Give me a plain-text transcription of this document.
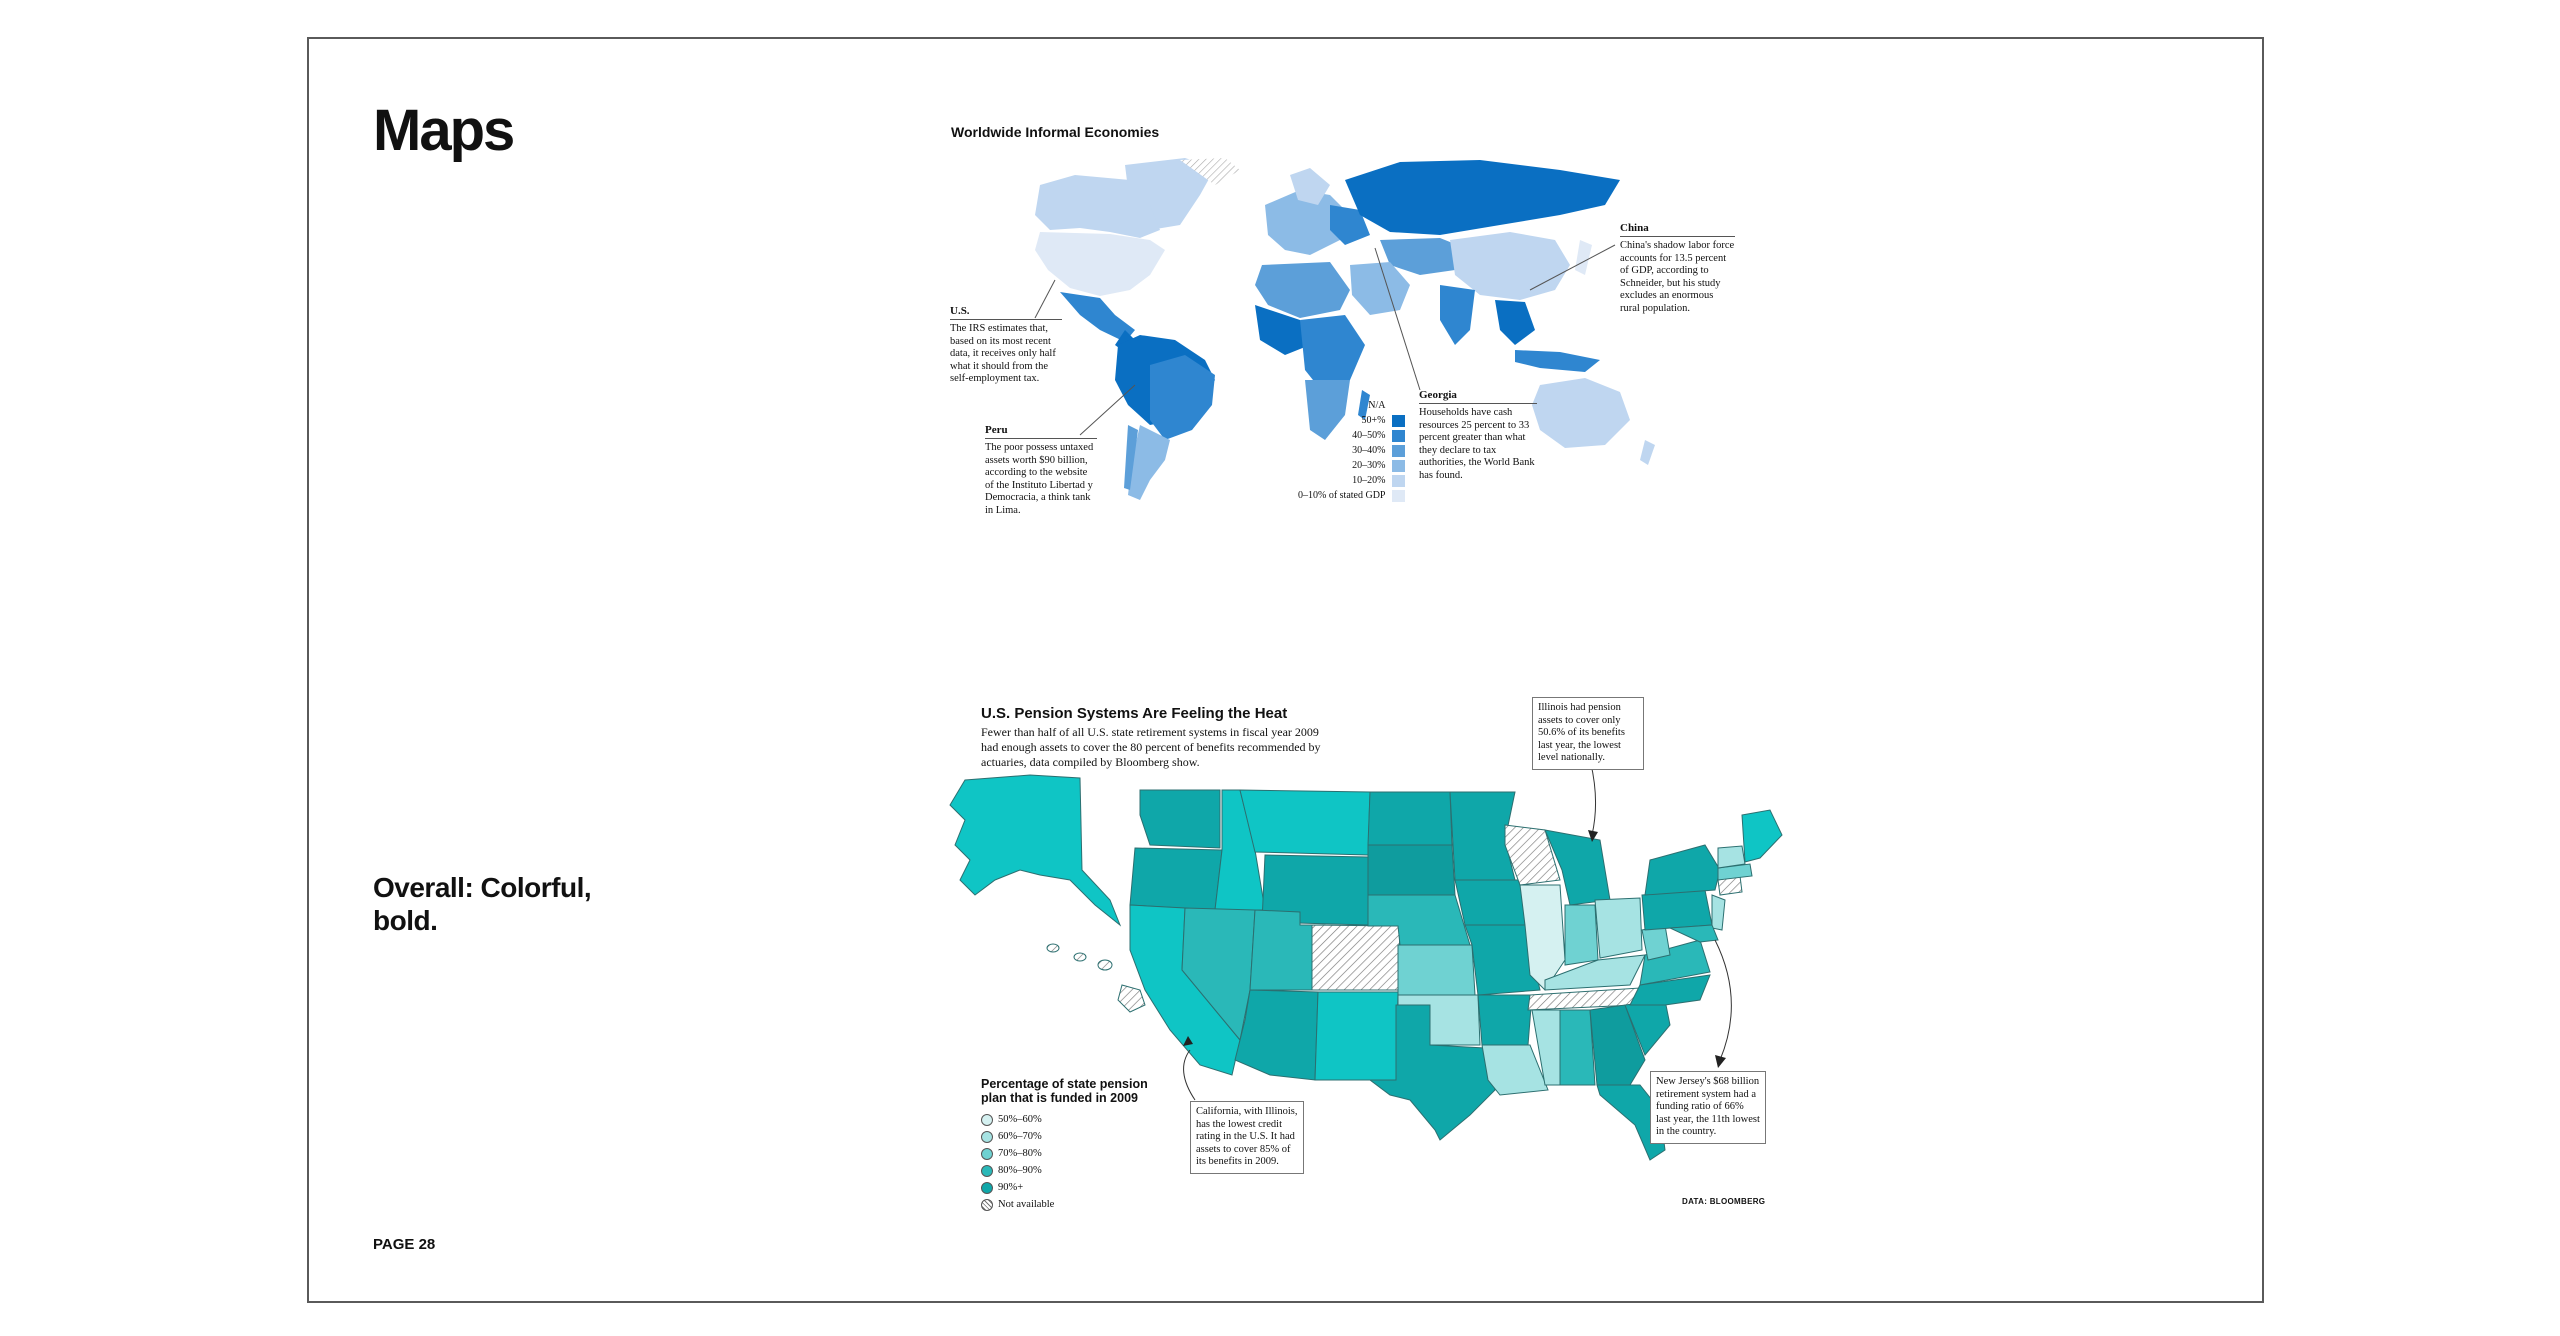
Maps
Overall: Colorful, bold.
PAGE 28
Worldwide Informal Economies
U.S.
The IRS estimates that, based on its most recent data, it receives only half what it should from the self-employment tax.
Peru
The poor possess untaxed assets worth $90 billion, according to the website of the Instituto Libertad y Democracia, a think tank in Lima.
Georgia
Households have cash resources 25 percent to 33 percent greater than what they declare to tax authorities, the World Bank has found.
China
China's shadow labor force accounts for 13.5 percent of GDP, according to Schneider, but his study excludes an enormous rural population.
N/A
50+%
40–50%
30–40%
20–30%
10–20%
0–10% of stated GDP
U.S. Pension Systems Are Feeling the Heat
Fewer than half of all U.S. state retirement systems in fiscal year 2009 had enough assets to cover the 80 percent of benefits recommended by actuaries, data compiled by Bloomberg show.
Illinois had pension assets to cover only 50.6% of its benefits last year, the lowest level nationally.
California, with Illinois, has the lowest credit rating in the U.S. It had assets to cover 85% of its benefits in 2009.
New Jersey's $68 billion retirement system had a funding ratio of 66% last year, the 11th lowest in the country.
Percentage of state pension plan that is funded in 2009
50%–60%
60%–70%
70%–80%
80%–90%
90%+
Not available	DATA: BLOOMBERG
